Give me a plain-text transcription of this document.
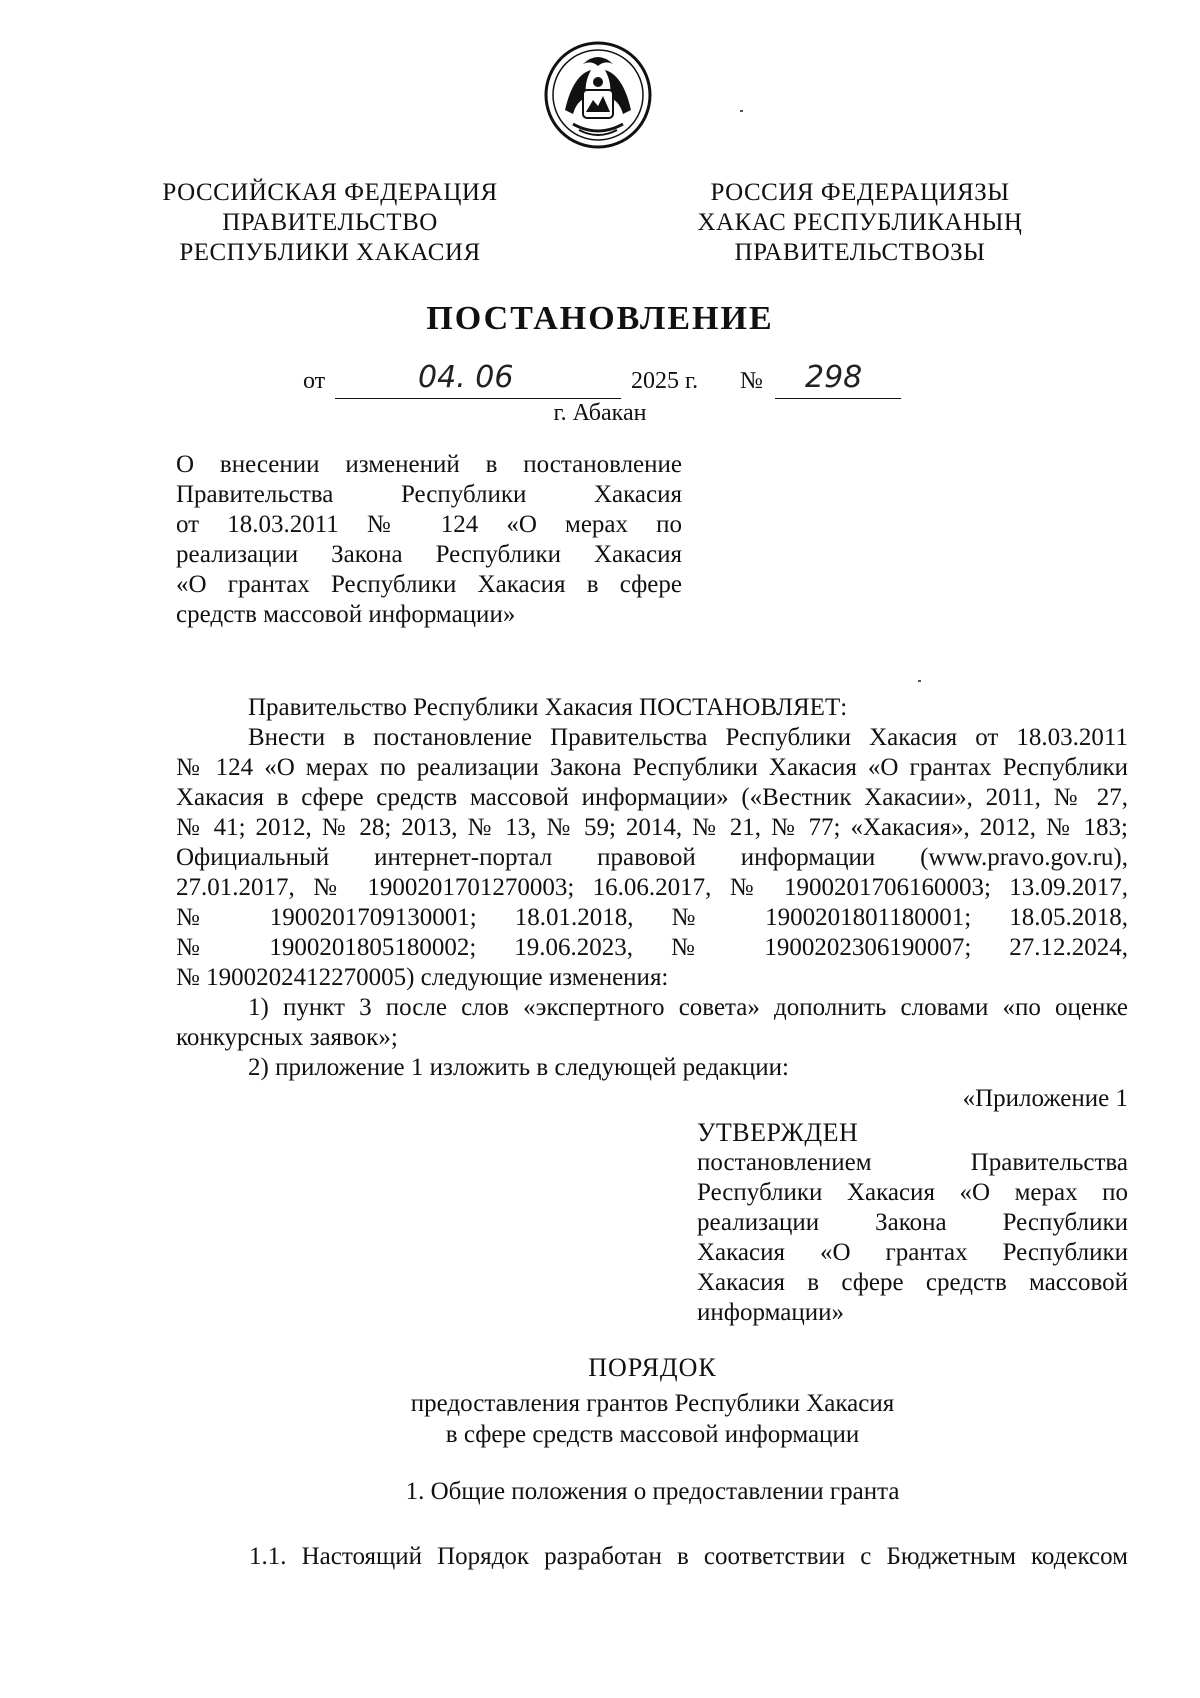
РОССИЙСКАЯ ФЕДЕРАЦИЯ
ПРАВИТЕЛЬСТВО
РЕСПУБЛИКИ ХАКАСИЯ
РОССИЯ ФЕДЕРАЦИЯЗЫ
ХАКАС РЕСПУБЛИКАНЫҢ
ПРАВИТЕЛЬСТВОЗЫ
ПОСТАНОВЛЕНИЕ
от	04. 06	2025 г. № 298
г. Абакан
О внесении изменений в постановление
Правительства Республики Хакасия
от 18.03.2011 № 124 «О мерах по
реализации Закона Республики Хакасия
«О грантах Республики Хакасия в сфере
средств массовой информации»
Правительство Республики Хакасия ПОСТАНОВЛЯЕТ:
Внести в постановление Правительства Республики Хакасия от 18.03.2011
№ 124 «О мерах по реализации Закона Республики Хакасия «О грантах Республики
Хакасия в сфере средств массовой информации» («Вестник Хакасии», 2011, № 27,
№ 41; 2012, № 28; 2013, № 13, № 59; 2014, № 21, № 77; «Хакасия», 2012, № 183;
Официальный интернет-портал правовой информации (www.pravo.gov.ru),
27.01.2017, № 1900201701270003; 16.06.2017, № 1900201706160003; 13.09.2017,
№ 1900201709130001; 18.01.2018, № 1900201801180001; 18.05.2018,
№ 1900201805180002; 19.06.2023, № 1900202306190007; 27.12.2024,
№ 1900202412270005) следующие изменения:
1) пункт 3 после слов «экспертного совета» дополнить словами «по оценке
конкурсных заявок»;
2) приложение 1 изложить в следующей редакции:
«Приложение 1
УТВЕРЖДЕН
постановлением Правительства
Республики Хакасия «О мерах по
реализации Закона Республики
Хакасия «О грантах Республики
Хакасия в сфере средств массовой
информации»
ПОРЯДОК
предоставления грантов Республики Хакасия
в сфере средств массовой информации
1. Общие положения о предоставлении гранта
1.1. Настоящий Порядок разработан в соответствии с Бюджетным кодексом
